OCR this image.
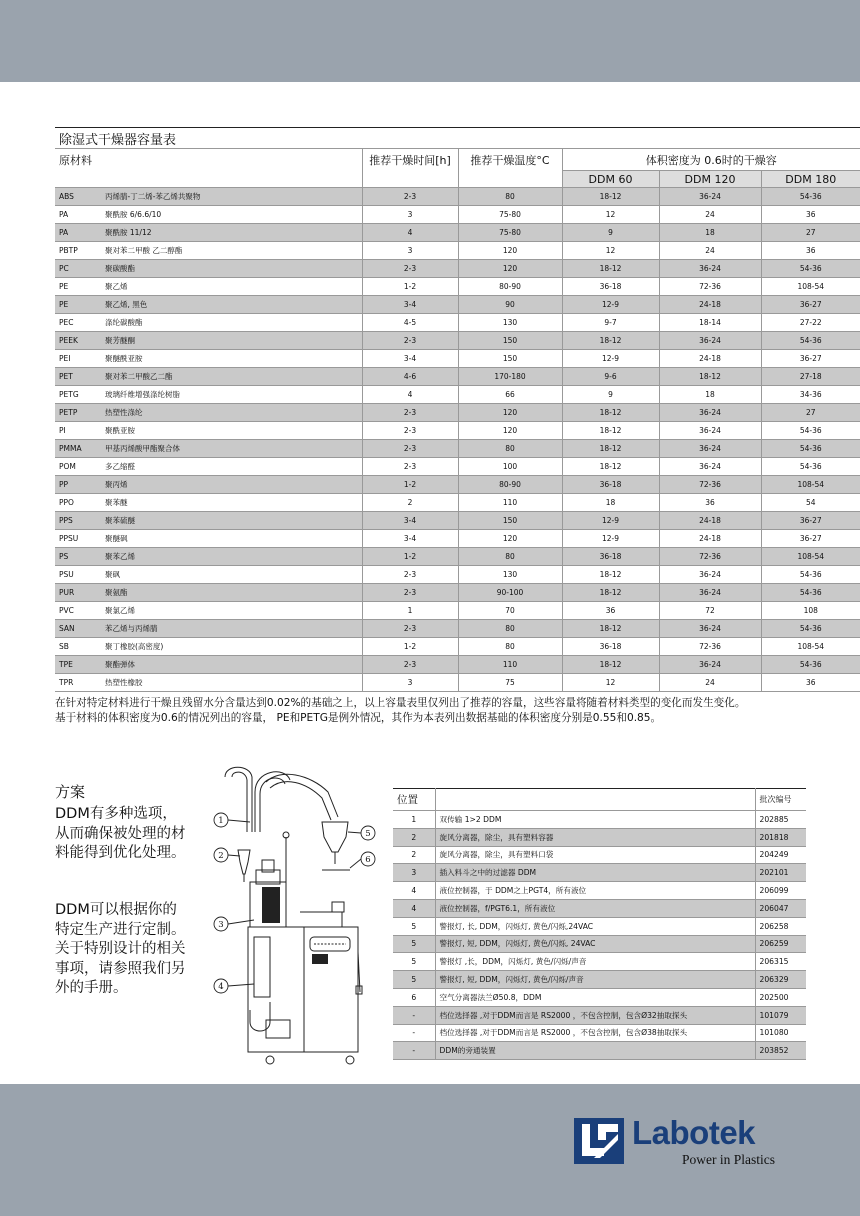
除湿式干燥器容量表						
原材料		推荐干燥时间[h]	推荐干燥温度°C	体积密度为 0.6时的干燥容		
				DDM 60	DDM 120	DDM 180
ABS	丙烯腈-丁二烯-苯乙烯共聚物	2-3	80	18-12	36-24	54-36
PA	聚酰胺 6/6.6/10	3	75-80	12	24	36
PA	聚酰胺 11/12	4	75-80	9	18	27
PBTP	聚对苯二甲酸 乙二醇酯	3	120	12	24	36
PC	聚碳酸酯	2-3	120	18-12	36-24	54-36
PE	聚乙烯	1-2	80-90	36-18	72-36	108-54
PE	聚乙烯, 黑色	3-4	90	12-9	24-18	36-27
PEC	涤纶碳酸酯	4-5	130	9-7	18-14	27-22
PEEK	聚芳醚酮	2-3	150	18-12	36-24	54-36
PEI	聚醚酰亚胺	3-4	150	12-9	24-18	36-27
PET	聚对苯二甲酸乙二酯	4-6	170-180	9-6	18-12	27-18
PETG	玻璃纤维增强涤纶树脂	4	66	9	18	34-36
PETP	热塑性涤纶	2-3	120	18-12	36-24	27
PI	聚酰亚胺	2-3	120	18-12	36-24	54-36
PMMA	甲基丙烯酸甲酯聚合体	2-3	80	18-12	36-24	54-36
POM	多乙缩醛	2-3	100	18-12	36-24	54-36
PP	聚丙烯	1-2	80-90	36-18	72-36	108-54
PPO	聚苯醚	2	110	18	36	54
PPS	聚苯硫醚	3-4	150	12-9	24-18	36-27
PPSU	聚醚砜	3-4	120	12-9	24-18	36-27
PS	聚苯乙烯	1-2	80	36-18	72-36	108-54
PSU	聚砜	2-3	130	18-12	36-24	54-36
PUR	聚氨酯	2-3	90-100	18-12	36-24	54-36
PVC	聚氯乙烯	1	70	36	72	108
SAN	苯乙烯与丙烯腈	2-3	80	18-12	36-24	54-36
SB	聚丁橡胶(高密度)	1-2	80	36-18	72-36	108-54
TPE	聚酯弹体	2-3	110	18-12	36-24	54-36
TPR	热塑性橡胶	3	75	12	24	36
在针对特定材料进行干燥且残留水分含量达到0.02%的基础之上，以上容量表里仅列出了推荐的容量，这些容量将随着材料类型的变化而发生变化。
基于材料的体积密度为0.6的情况列出的容量， PE和PETG是例外情况，其作为本表列出数据基础的体积密度分别是0.55和0.85。
方案
DDM有多种选项，从而确保被处理的材料能得到优化处理。
DDM可以根据你的特定生产进行定制。关于特别设计的相关事项，请参照我们另外的手册。
1
2
3
4
5
6
位置		批次编号
1	双传输 1>2 DDM	202885
2	旋风分离器，除尘，具有塑料容器	201818
2	旋风分离器，除尘，具有塑料口袋	204249
3	插入料斗之中的过滤器 DDM	202101
4	液位控制器，于 DDM之上PGT4，所有液位	206099
4	液位控制器，f/PGT6.1，所有液位	206047
5	警报灯, 长, DDM，闪烁灯, 黄色/闪烁,24VAC	206258
5	警报灯, 短, DDM，闪烁灯, 黄色/闪烁, 24VAC	206259
5	警报灯 ,长，DDM，闪烁灯, 黄色/闪烁/声音	206315
5	警报灯, 短, DDM，闪烁灯, 黄色/闪烁/声音	206329
6	空气分离器法兰Ø50.8，DDM	202500
-	档位选择器 ,对于DDM而言是 RS2000 ，不包含控制，包含Ø32抽取探头	101079
-	档位选择器 ,对于DDM而言是 RS2000 ，不包含控制，包含Ø38抽取探头	101080
-	DDM的旁通装置	203852
Labotek
Power in Plastics
